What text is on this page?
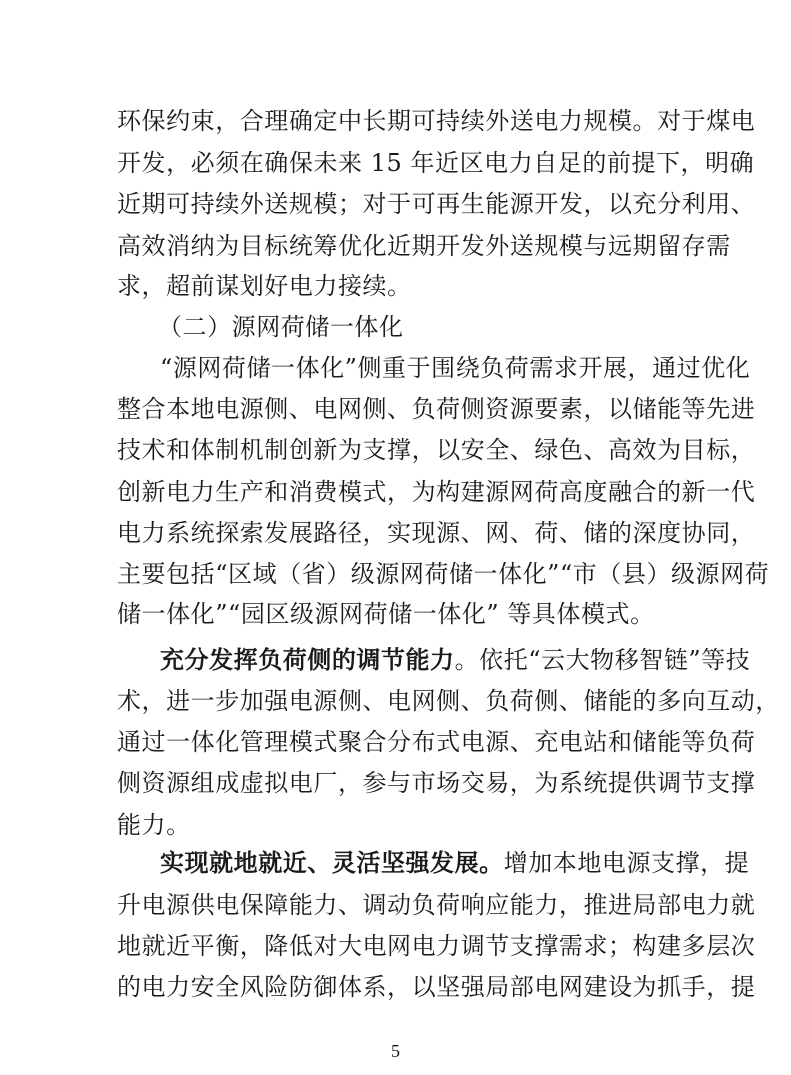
环保约束，合理确定中长期可持续外送电力规模。对于煤电
开发，必须在确保未来 15 年近区电力自足的前提下，明确
近期可持续外送规模；对于可再生能源开发，以充分利用、
高效消纳为目标统筹优化近期开发外送规模与远期留存需
求，超前谋划好电力接续。
（二）源网荷储一体化
“源网荷储一体化”侧重于围绕负荷需求开展，通过优化
整合本地电源侧、电网侧、负荷侧资源要素，以储能等先进
技术和体制机制创新为支撑，以安全、绿色、高效为目标，
创新电力生产和消费模式，为构建源网荷高度融合的新一代
电力系统探索发展路径，实现源、网、荷、储的深度协同，
主要包括“区域（省）级源网荷储一体化”“市（县）级源网荷
储一体化”“园区级源网荷储一体化” 等具体模式。
充分发挥负荷侧的调节能力。依托“云大物移智链”等技
术，进一步加强电源侧、电网侧、负荷侧、储能的多向互动，
通过一体化管理模式聚合分布式电源、充电站和储能等负荷
侧资源组成虚拟电厂，参与市场交易，为系统提供调节支撑
能力。
实现就地就近、灵活坚强发展。增加本地电源支撑，提
升电源供电保障能力、调动负荷响应能力，推进局部电力就
地就近平衡，降低对大电网电力调节支撑需求；构建多层次
的电力安全风险防御体系，以坚强局部电网建设为抓手，提
5
